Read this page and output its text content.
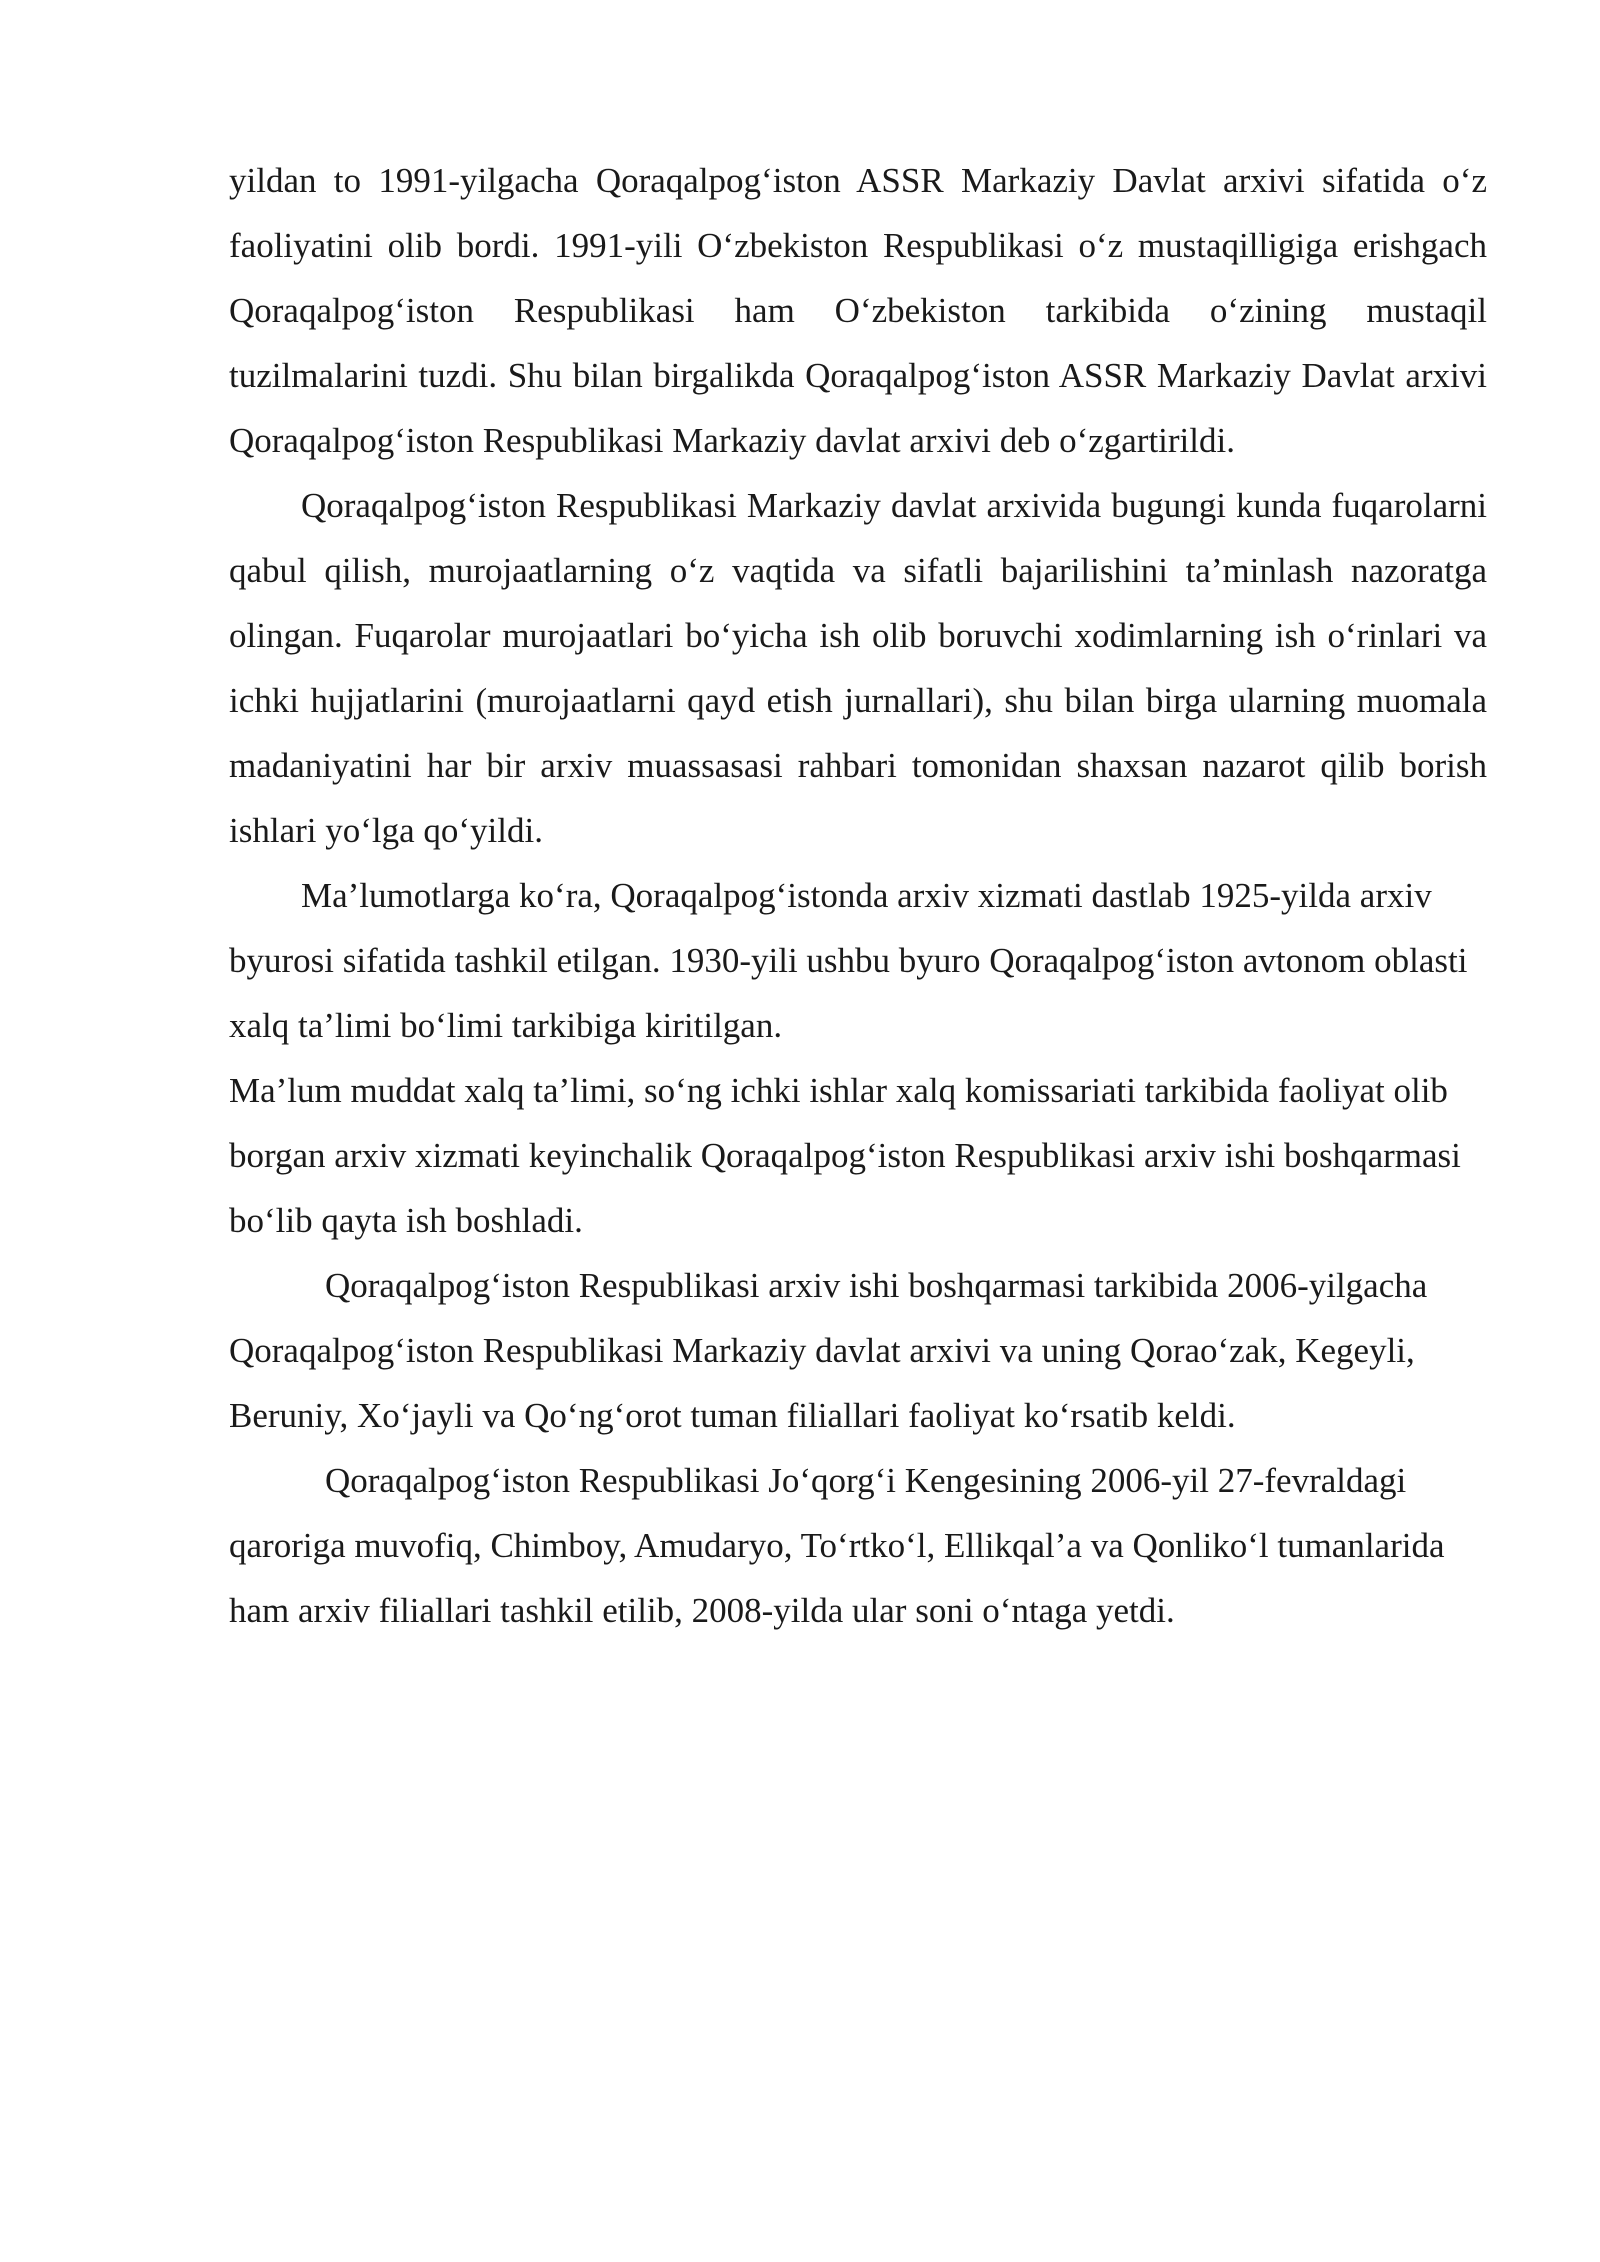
yildan to 1991-yilgacha Qoraqalpog‘iston ASSR Markaziy Davlat arxivi sifatida o‘z faoliyatini olib bordi. 1991-yili O‘zbekiston Respublikasi o‘z mustaqilligiga erishgach Qoraqalpog‘iston Respublikasi ham O‘zbekiston tarkibida o‘zining mustaqil tuzilmalarini tuzdi. Shu bilan birgalikda Qoraqalpog‘iston ASSR Markaziy Davlat arxivi Qoraqalpog‘iston Respublikasi Markaziy davlat arxivi deb o‘zgartirildi.

Qoraqalpog‘iston Respublikasi Markaziy davlat arxivida bugungi kunda fuqarolarni qabul qilish, murojaatlarning o‘z vaqtida va sifatli bajarilishini ta’minlash nazoratga olingan. Fuqarolar murojaatlari bo‘yicha ish olib boruvchi xodimlarning ish o‘rinlari va ichki hujjatlarini (murojaatlarni qayd etish jurnallari), shu bilan birga ularning muomala madaniyatini har bir arxiv muassasasi rahbari tomonidan shaxsan nazarot qilib borish ishlari yo‘lga qo‘yildi.

Ma’lumotlarga ko‘ra, Qoraqalpog‘istonda arxiv xizmati dastlab 1925-yilda arxiv byurosi sifatida tashkil etilgan. 1930-yili ushbu byuro Qoraqalpog‘iston avtonom oblasti xalq ta’limi bo‘limi tarkibiga kiritilgan.

Ma’lum muddat xalq ta’limi, so‘ng ichki ishlar xalq komissariati tarkibida faoliyat olib borgan arxiv xizmati keyinchalik Qoraqalpog‘iston Respublikasi arxiv ishi boshqarmasi bo‘lib qayta ish boshladi.

Qoraqalpog‘iston Respublikasi arxiv ishi boshqarmasi tarkibida 2006-yilgacha Qoraqalpog‘iston Respublikasi Markaziy davlat arxivi va uning Qorao‘zak, Kegeyli, Beruniy, Xo‘jayli va Qo‘ng‘orot tuman filiallari faoliyat ko‘rsatib keldi.

Qoraqalpog‘iston Respublikasi Jo‘qorg‘i Kengesining 2006-yil 27-fevraldagi qaroriga muvofiq, Chimboy, Amudaryo, To‘rtko‘l, Ellikqal’a va Qonliko‘l tumanlarida ham arxiv filiallari tashkil etilib, 2008-yilda ular soni o‘ntaga yetdi.
